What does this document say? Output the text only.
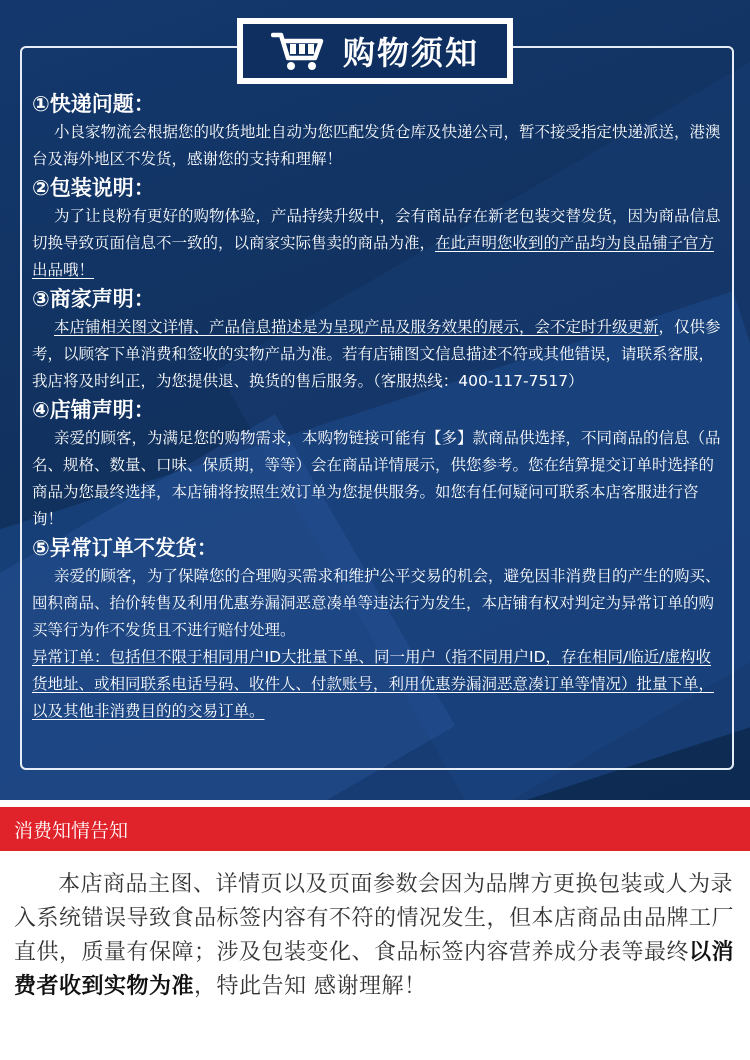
购物须知
①快递问题：
小良家物流会根据您的收货地址自动为您匹配发货仓库及快递公司，暂不接受指定快递派送，港澳台及海外地区不发货，感谢您的支持和理解！
②包装说明：
为了让良粉有更好的购物体验，产品持续升级中，会有商品存在新老包装交替发货，因为商品信息切换导致页面信息不一致的，以商家实际售卖的商品为准，在此声明您收到的产品均为良品铺子官方出品哦！
③商家声明：
本店铺相关图文详情、产品信息描述是为呈现产品及服务效果的展示，会不定时升级更新，仅供参考，以顾客下单消费和签收的实物产品为准。若有店铺图文信息描述不符或其他错误，请联系客服，我店将及时纠正，为您提供退、换货的售后服务。（客服热线：400-117-7517）
④店铺声明：
亲爱的顾客，为满足您的购物需求，本购物链接可能有【多】款商品供选择，不同商品的信息（品名、规格、数量、口味、保质期，等等）会在商品详情展示，供您参考。您在结算提交订单时选择的商品为您最终选择，本店铺将按照生效订单为您提供服务。如您有任何疑问可联系本店客服进行咨询！
⑤异常订单不发货：
亲爱的顾客，为了保障您的合理购买需求和维护公平交易的机会，避免因非消费目的产生的购买、囤积商品、抬价转售及利用优惠券漏洞恶意凑单等违法行为发生，本店铺有权对判定为异常订单的购买等行为作不发货且不进行赔付处理。
异常订单：包括但不限于相同用户ID大批量下单、同一用户（指不同用户ID，存在相同/临近/虚构收货地址、或相同联系电话号码、收件人、付款账号，利用优惠券漏洞恶意凑订单等情况）批量下单，以及其他非消费目的的交易订单。
消费知情告知
本店商品主图、详情页以及页面参数会因为品牌方更换包装或人为录入系统错误导致食品标签内容有不符的情况发生，但本店商品由品牌工厂直供，质量有保障；涉及包装变化、食品标签内容营养成分表等最终以消费者收到实物为准，特此告知 感谢理解！
